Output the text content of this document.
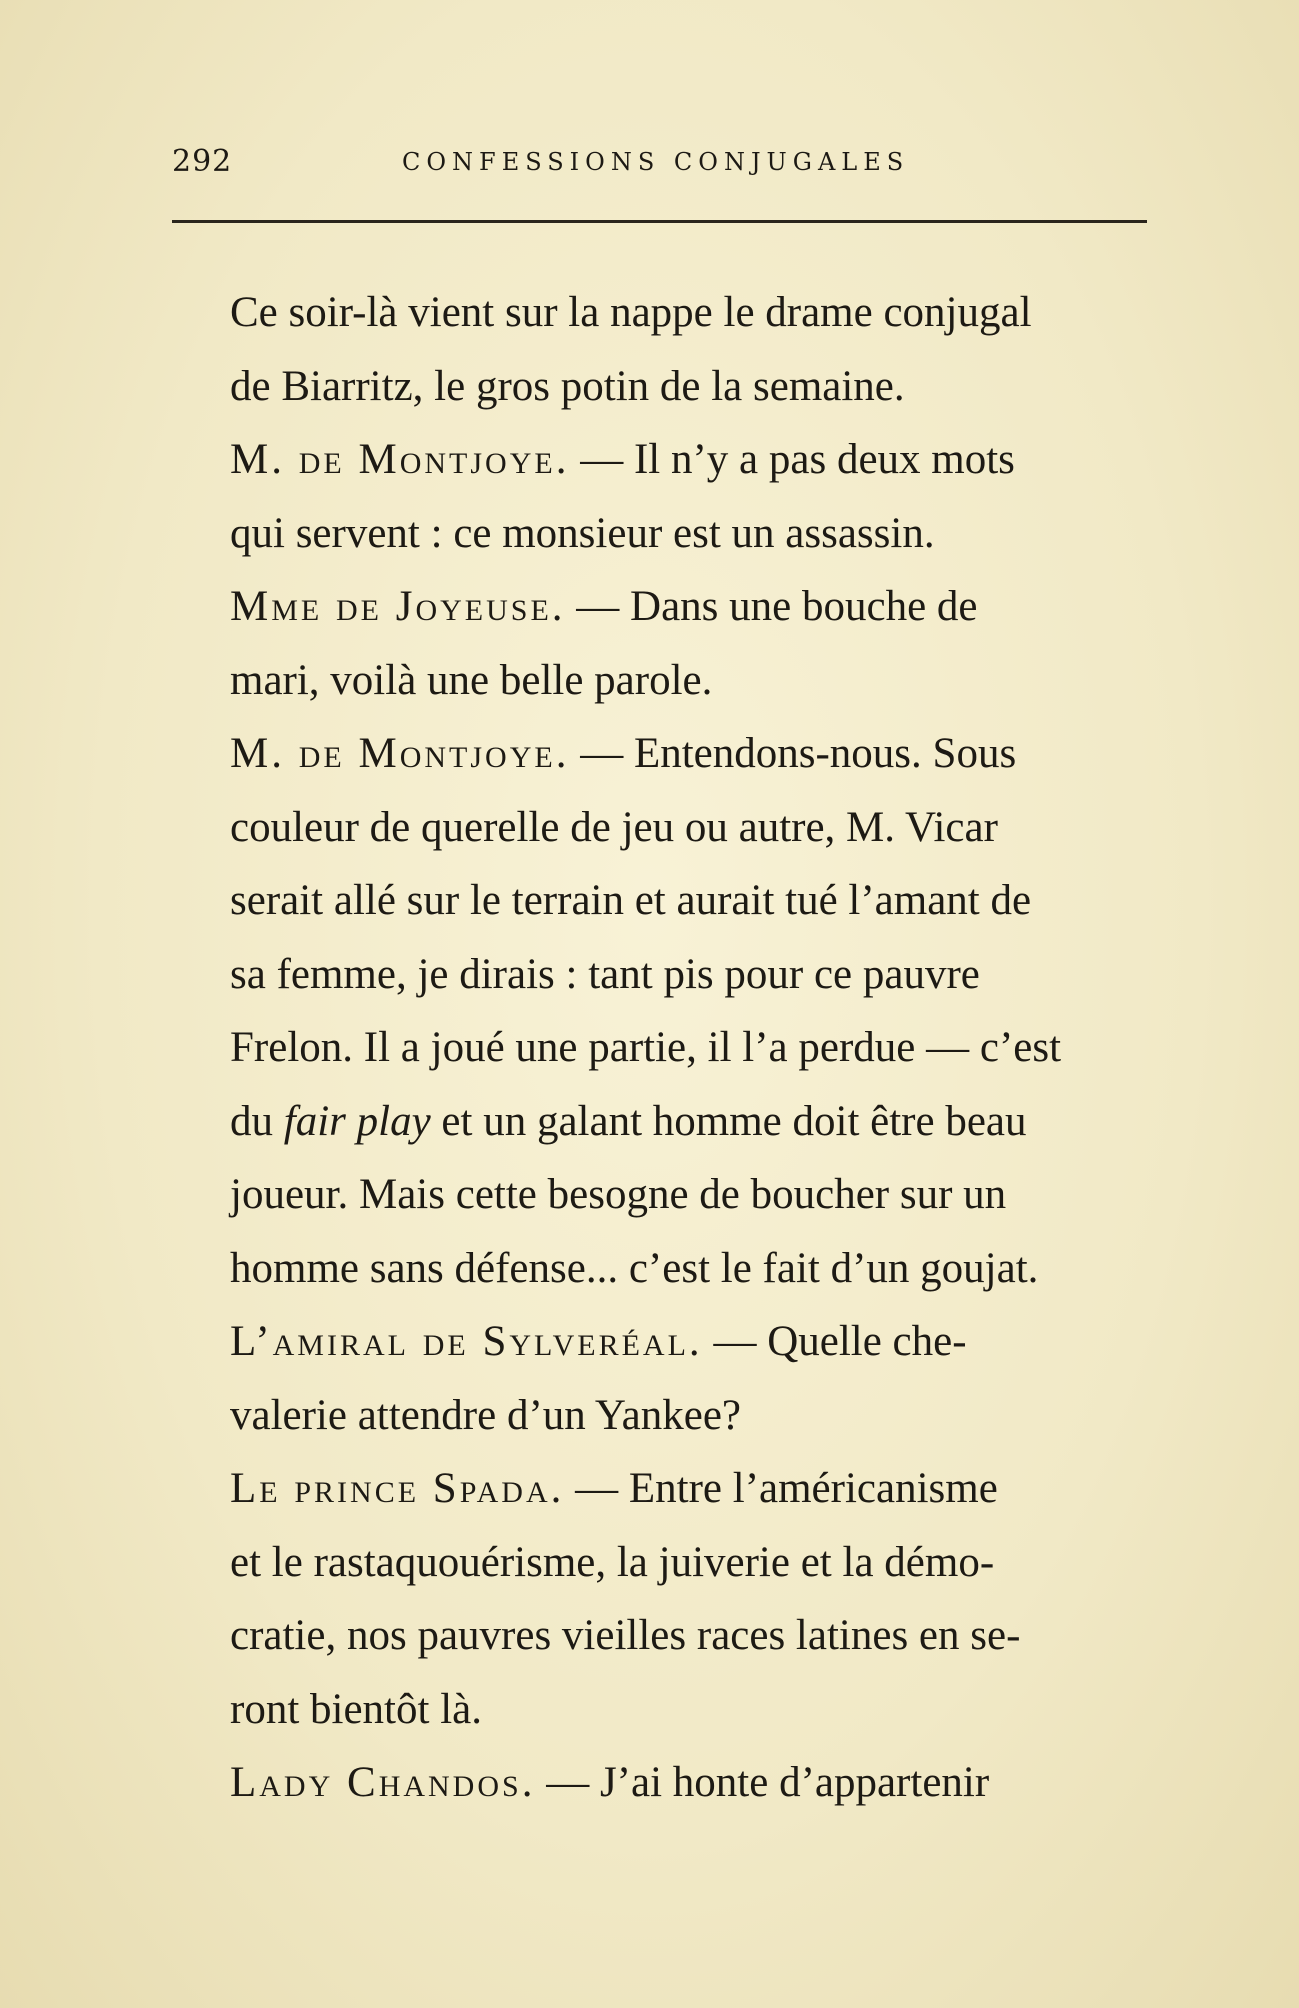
292	CONFESSIONS CONJUGALES

Ce soir-là vient sur la nappe le drame conjugal
de Biarritz, le gros potin de la semaine.

M. de Montjoye. — Il n’y a pas deux mots
qui servent : ce monsieur est un assassin.

Mme de Joyeuse. — Dans une bouche de
mari, voilà une belle parole.

M. de Montjoye. — Entendons-nous. Sous
couleur de querelle de jeu ou autre, M. Vicar
serait allé sur le terrain et aurait tué l’amant de
sa femme, je dirais : tant pis pour ce pauvre
Frelon. Il a joué une partie, il l’a perdue — c’est
du fair play et un galant homme doit être beau
joueur. Mais cette besogne de boucher sur un
homme sans défense... c’est le fait d’un goujat.

L’amiral de Sylveréal. — Quelle che-
valerie attendre d’un Yankee?

Le prince Spada. — Entre l’américanisme
et le rastaquouérisme, la juiverie et la démo-
cratie, nos pauvres vieilles races latines en se-
ront bientôt là.

Lady Chandos. — J’ai honte d’appartenir
